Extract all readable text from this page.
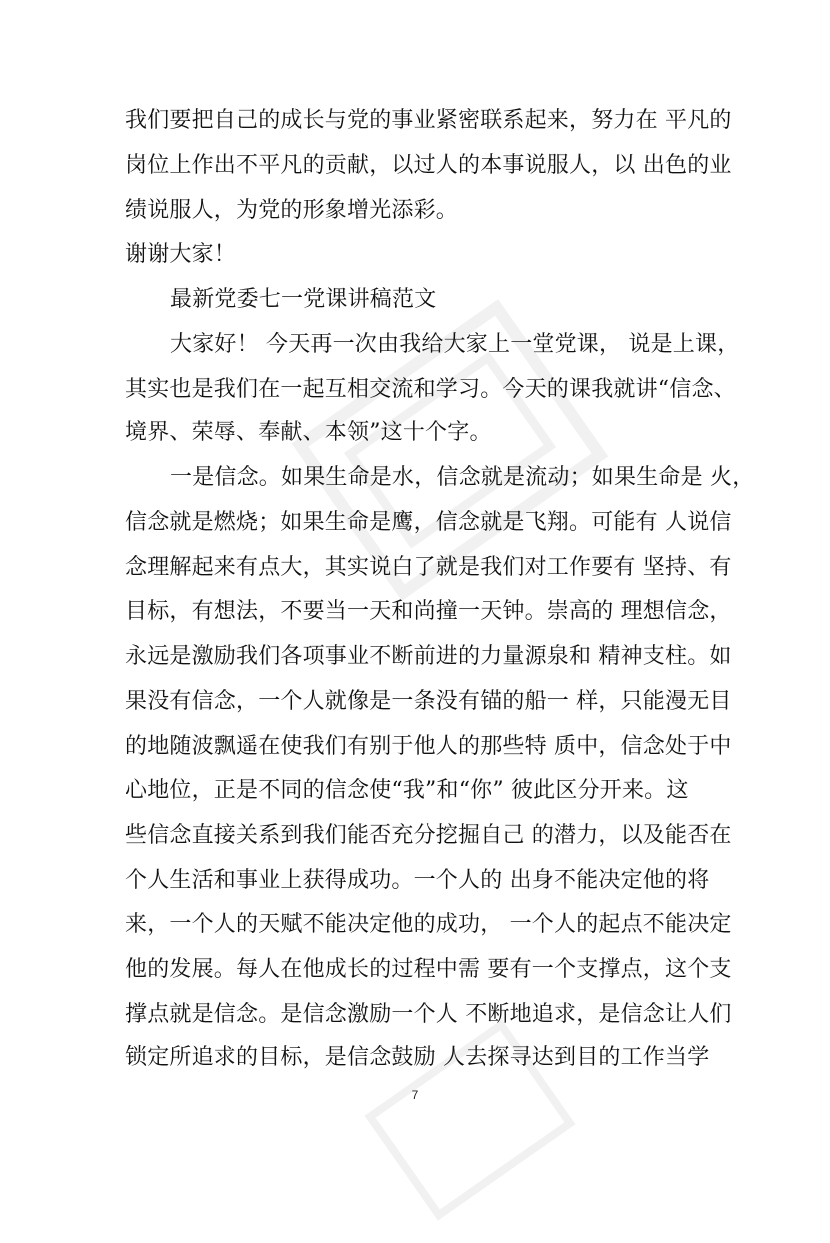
我们要把自己的成长与党的事业紧密联系起来，努力在 平凡的
岗位上作出不平凡的贡献，以过人的本事说服人，以 出色的业
绩说服人，为党的形象增光添彩。
谢谢大家！
最新党委七一党课讲稿范文
大家好！ 今天再一次由我给大家上一堂党课， 说是上课，
其实也是我们在一起互相交流和学习。今天的课我就讲“信念、
境界、荣辱、奉献、本领”这十个字。
一是信念。如果生命是水，信念就是流动；如果生命是 火，
信念就是燃烧；如果生命是鹰，信念就是飞翔。可能有 人说信
念理解起来有点大，其实说白了就是我们对工作要有 坚持、有
目标，有想法，不要当一天和尚撞一天钟。崇高的 理想信念，
永远是激励我们各项事业不断前进的力量源泉和 精神支柱。如
果没有信念，一个人就像是一条没有锚的船一 样，只能漫无目
的地随波飘遥在使我们有别于他人的那些特 质中，信念处于中
心地位，正是不同的信念使“我”和“你” 彼此区分开来。这
些信念直接关系到我们能否充分挖掘自己 的潜力，以及能否在
个人生活和事业上获得成功。一个人的 出身不能决定他的将
来，一个人的天赋不能决定他的成功， 一个人的起点不能决定
他的发展。每人在他成长的过程中需 要有一个支撑点，这个支
撑点就是信念。是信念激励一个人 不断地追求，是信念让人们
锁定所追求的目标，是信念鼓励 人去探寻达到目的工作当学
7
